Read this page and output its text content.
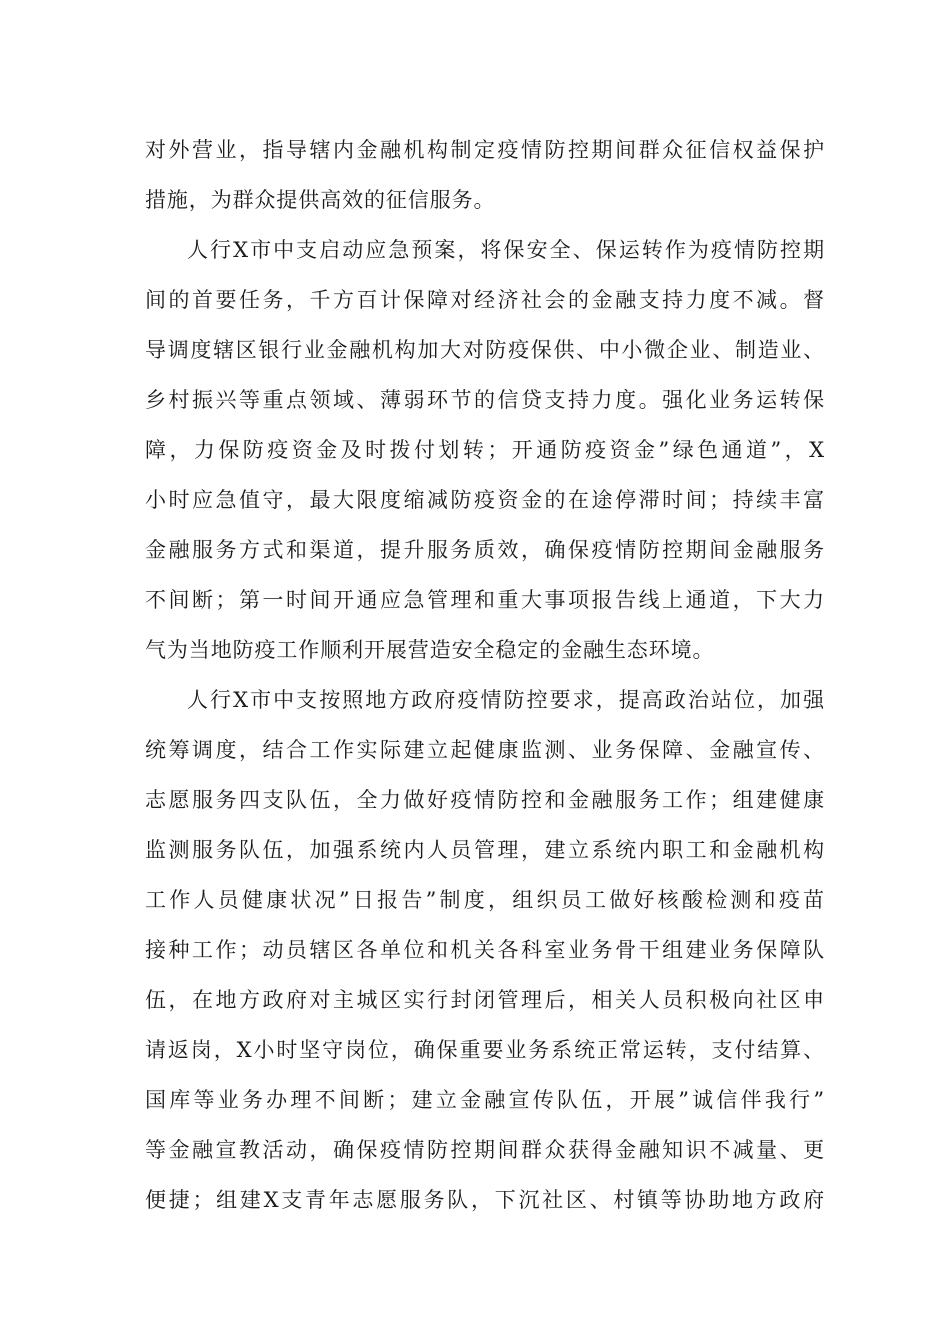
对外营业，指导辖内金融机构制定疫情防控期间群众征信权益保护
措施，为群众提供高效的征信服务。
人行X市中支启动应急预案，将保安全、保运转作为疫情防控期
间的首要任务，千方百计保障对经济社会的金融支持力度不减。督
导调度辖区银行业金融机构加大对防疫保供、中小微企业、制造业、
乡村振兴等重点领域、薄弱环节的信贷支持力度。强化业务运转保
障，力保防疫资金及时拨付划转；开通防疫资金”绿色通道”，X
小时应急值守，最大限度缩减防疫资金的在途停滞时间；持续丰富
金融服务方式和渠道，提升服务质效，确保疫情防控期间金融服务
不间断；第一时间开通应急管理和重大事项报告线上通道，下大力
气为当地防疫工作顺利开展营造安全稳定的金融生态环境。
人行X市中支按照地方政府疫情防控要求，提高政治站位，加强
统筹调度，结合工作实际建立起健康监测、业务保障、金融宣传、
志愿服务四支队伍，全力做好疫情防控和金融服务工作；组建健康
监测服务队伍，加强系统内人员管理，建立系统内职工和金融机构
工作人员健康状况”日报告”制度，组织员工做好核酸检测和疫苗
接种工作；动员辖区各单位和机关各科室业务骨干组建业务保障队
伍，在地方政府对主城区实行封闭管理后，相关人员积极向社区申
请返岗，X小时坚守岗位，确保重要业务系统正常运转，支付结算、
国库等业务办理不间断；建立金融宣传队伍，开展”诚信伴我行”
等金融宣教活动，确保疫情防控期间群众获得金融知识不减量、更
便捷；组建X支青年志愿服务队，下沉社区、村镇等协助地方政府
